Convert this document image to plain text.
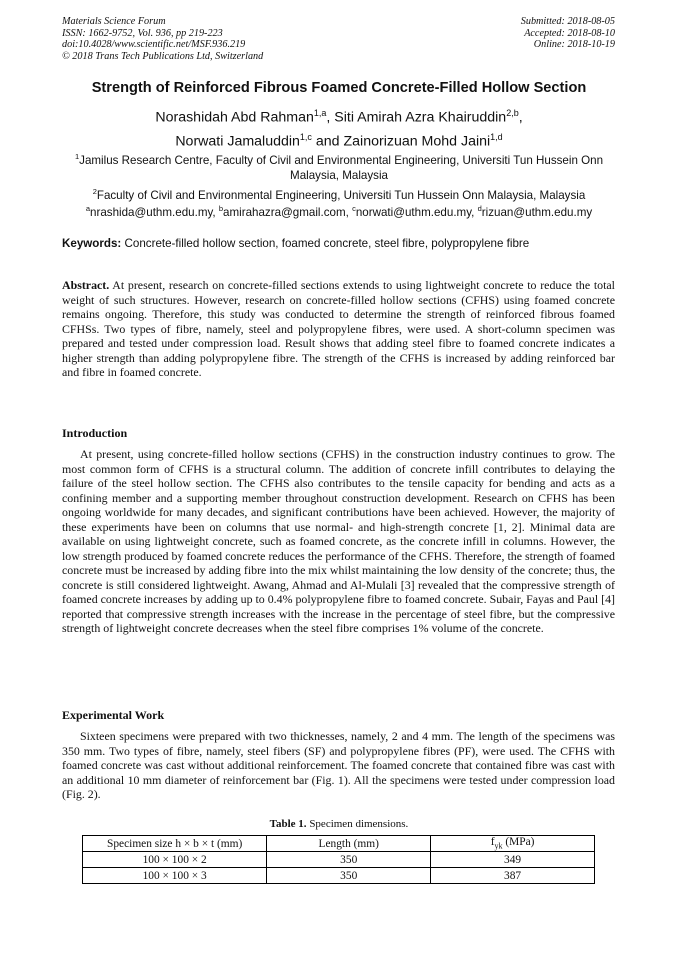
Materials Science Forum
ISSN: 1662-9752, Vol. 936, pp 219-223
doi:10.4028/www.scientific.net/MSF.936.219
© 2018 Trans Tech Publications Ltd, Switzerland
Submitted: 2018-08-05
Accepted: 2018-08-10
Online: 2018-10-19
Strength of Reinforced Fibrous Foamed Concrete-Filled Hollow Section
Norashidah Abd Rahman$^{1,a}$, Siti Amirah Azra Khairuddin$^{2,b}$,
Norwati Jamaluddin$^{1,c}$ and Zainorizuan Mohd Jaini$^{1,d}$
$^1$Jamilus Research Centre, Faculty of Civil and Environmental Engineering, Universiti Tun Hussein Onn Malaysia, Malaysia
$^2$Faculty of Civil and Environmental Engineering, Universiti Tun Hussein Onn Malaysia, Malaysia
$^a$nrashida@uthm.edu.my, $^b$amirahazra@gmail.com, $^c$norwati@uthm.edu.my, $^d$rizuan@uthm.edu.my
Keywords: Concrete-filled hollow section, foamed concrete, steel fibre, polypropylene fibre
Abstract. At present, research on concrete-filled sections extends to using lightweight concrete to reduce the total weight of such structures. However, research on concrete-filled hollow sections (CFHS) using foamed concrete remains ongoing. Therefore, this study was conducted to determine the strength of reinforced fibrous foamed CFHSs. Two types of fibre, namely, steel and polypropylene fibres, were used. A short-column specimen was prepared and tested under compression load. Result shows that adding steel fibre to foamed concrete indicates a higher strength than adding polypropylene fibre. The strength of the CFHS is increased by adding reinforced bar and fibre in foamed concrete.
Introduction
At present, using concrete-filled hollow sections (CFHS) in the construction industry continues to grow. The most common form of CFHS is a structural column. The addition of concrete infill contributes to delaying the failure of the steel hollow section. The CFHS also contributes to the tensile capacity for bending and acts as a confining member and a supporting member throughout construction development. Research on CFHS has been ongoing worldwide for many decades, and significant contributions have been achieved. However, the majority of these experiments have been on columns that use normal- and high-strength concrete [1, 2]. Minimal data are available on using lightweight concrete, such as foamed concrete, as the concrete infill in columns. However, the low strength produced by foamed concrete reduces the performance of the CFHS. Therefore, the strength of foamed concrete must be increased by adding fibre into the mix whilst maintaining the low density of the concrete; thus, the concrete is still considered lightweight. Awang, Ahmad and Al-Mulali [3] revealed that the compressive strength of foamed concrete increases by adding up to 0.4% polypropylene fibre to foamed concrete. Subair, Fayas and Paul [4] reported that compressive strength increases with the increase in the percentage of steel fibre, but the compressive strength of lightweight concrete decreases when the steel fibre comprises 1% volume of the concrete.
Experimental Work
Sixteen specimens were prepared with two thicknesses, namely, 2 and 4 mm. The length of the specimens was 350 mm. Two types of fibre, namely, steel fibers (SF) and polypropylene fibres (PF), were used. The CFHS with foamed concrete was cast without additional reinforcement. The foamed concrete that contained fibre was cast with an additional 10 mm diameter of reinforcement bar (Fig. 1). All the specimens were tested under compression load (Fig. 2).
Table 1. Specimen dimensions.
Specimen size h × b × t (mm)	Length (mm)	$f_{yk}$ (MPa)
100 × 100 × 2	350	349
100 × 100 × 3	350	387
